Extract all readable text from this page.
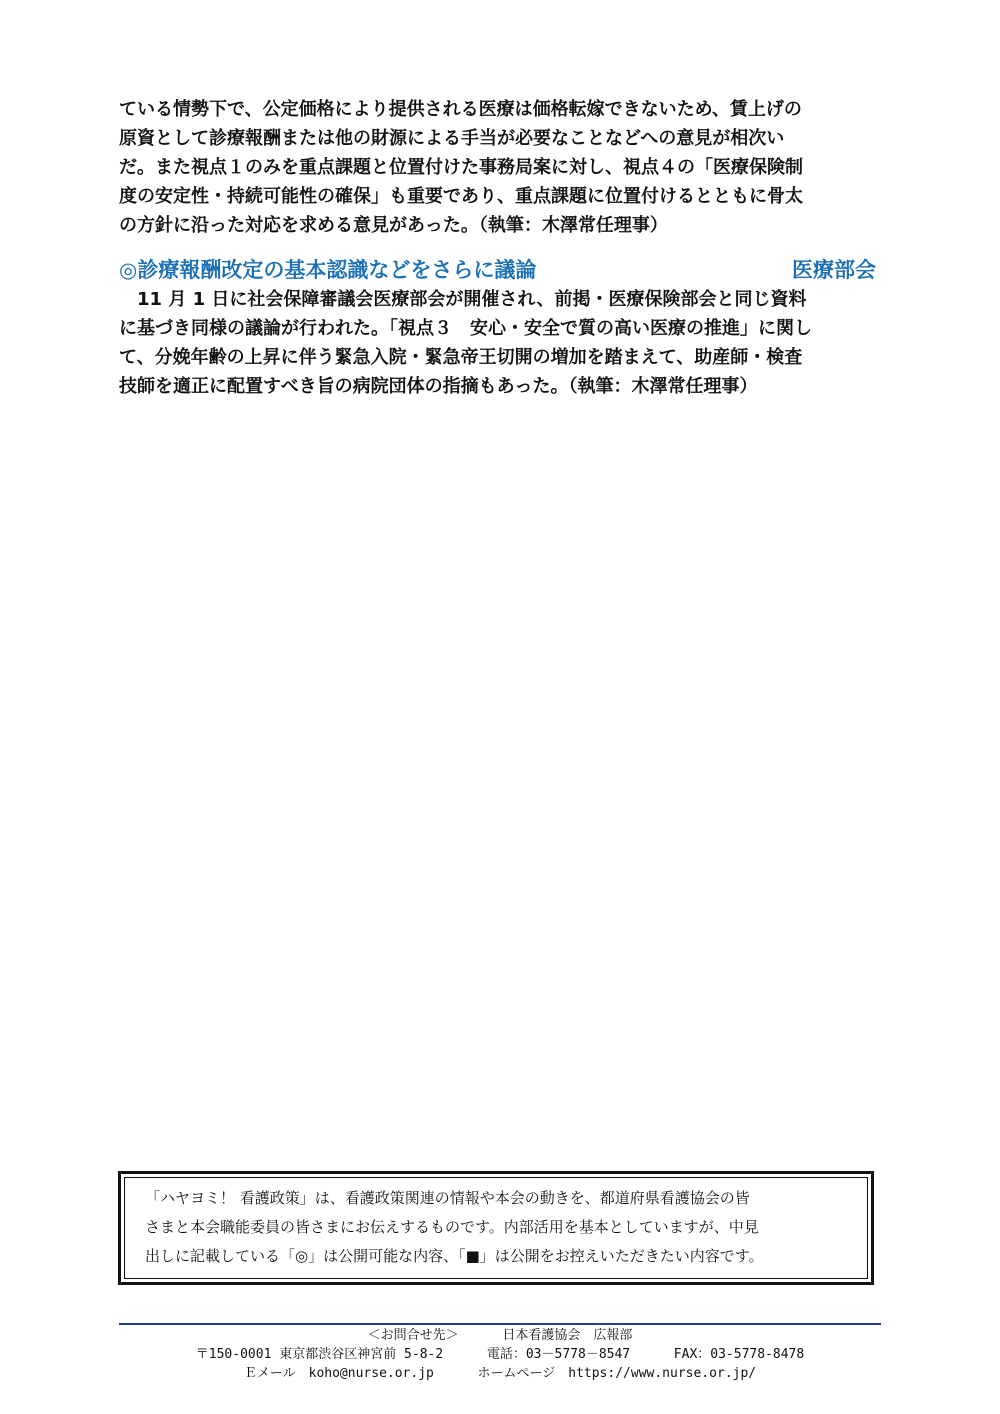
ている情勢下で、公定価格により提供される医療は価格転嫁できないため、賃上げの
原資として診療報酬または他の財源による手当が必要なことなどへの意見が相次い
だ。また視点１のみを重点課題と位置付けた事務局案に対し、視点４の「医療保険制
度の安定性・持続可能性の確保」も重要であり、重点課題に位置付けるとともに骨太
の方針に沿った対応を求める意見があった。（執筆：木澤常任理事）
◎診療報酬改定の基本認識などをさらに議論	医療部会
　11 月 1 日に社会保障審議会医療部会が開催され、前掲・医療保険部会と同じ資料
に基づき同様の議論が行われた。「視点３　安心・安全で質の高い医療の推進」に関し
て、分娩年齢の上昇に伴う緊急入院・緊急帝王切開の増加を踏まえて、助産師・検査
技師を適正に配置すべき旨の病院団体の指摘もあった。（執筆：木澤常任理事）
「ハヤヨミ！ 看護政策」は、看護政策関連の情報や本会の動きを、都道府県看護協会の皆
さまと本会職能委員の皆さまにお伝えするものです。内部活用を基本としていますが、中見
出しに記載している「◎」は公開可能な内容、「■」は公開をお控えいただきたい内容です。
＜お問合せ先＞	日本看護協会　広報部
〒150-0001 東京都渋谷区神宮前 5-8-2	電話：03－5778－8547	FAX：03-5778-8478
Ｅメール　koho@nurse.or.jp	ホームページ　https://www.nurse.or.jp/
